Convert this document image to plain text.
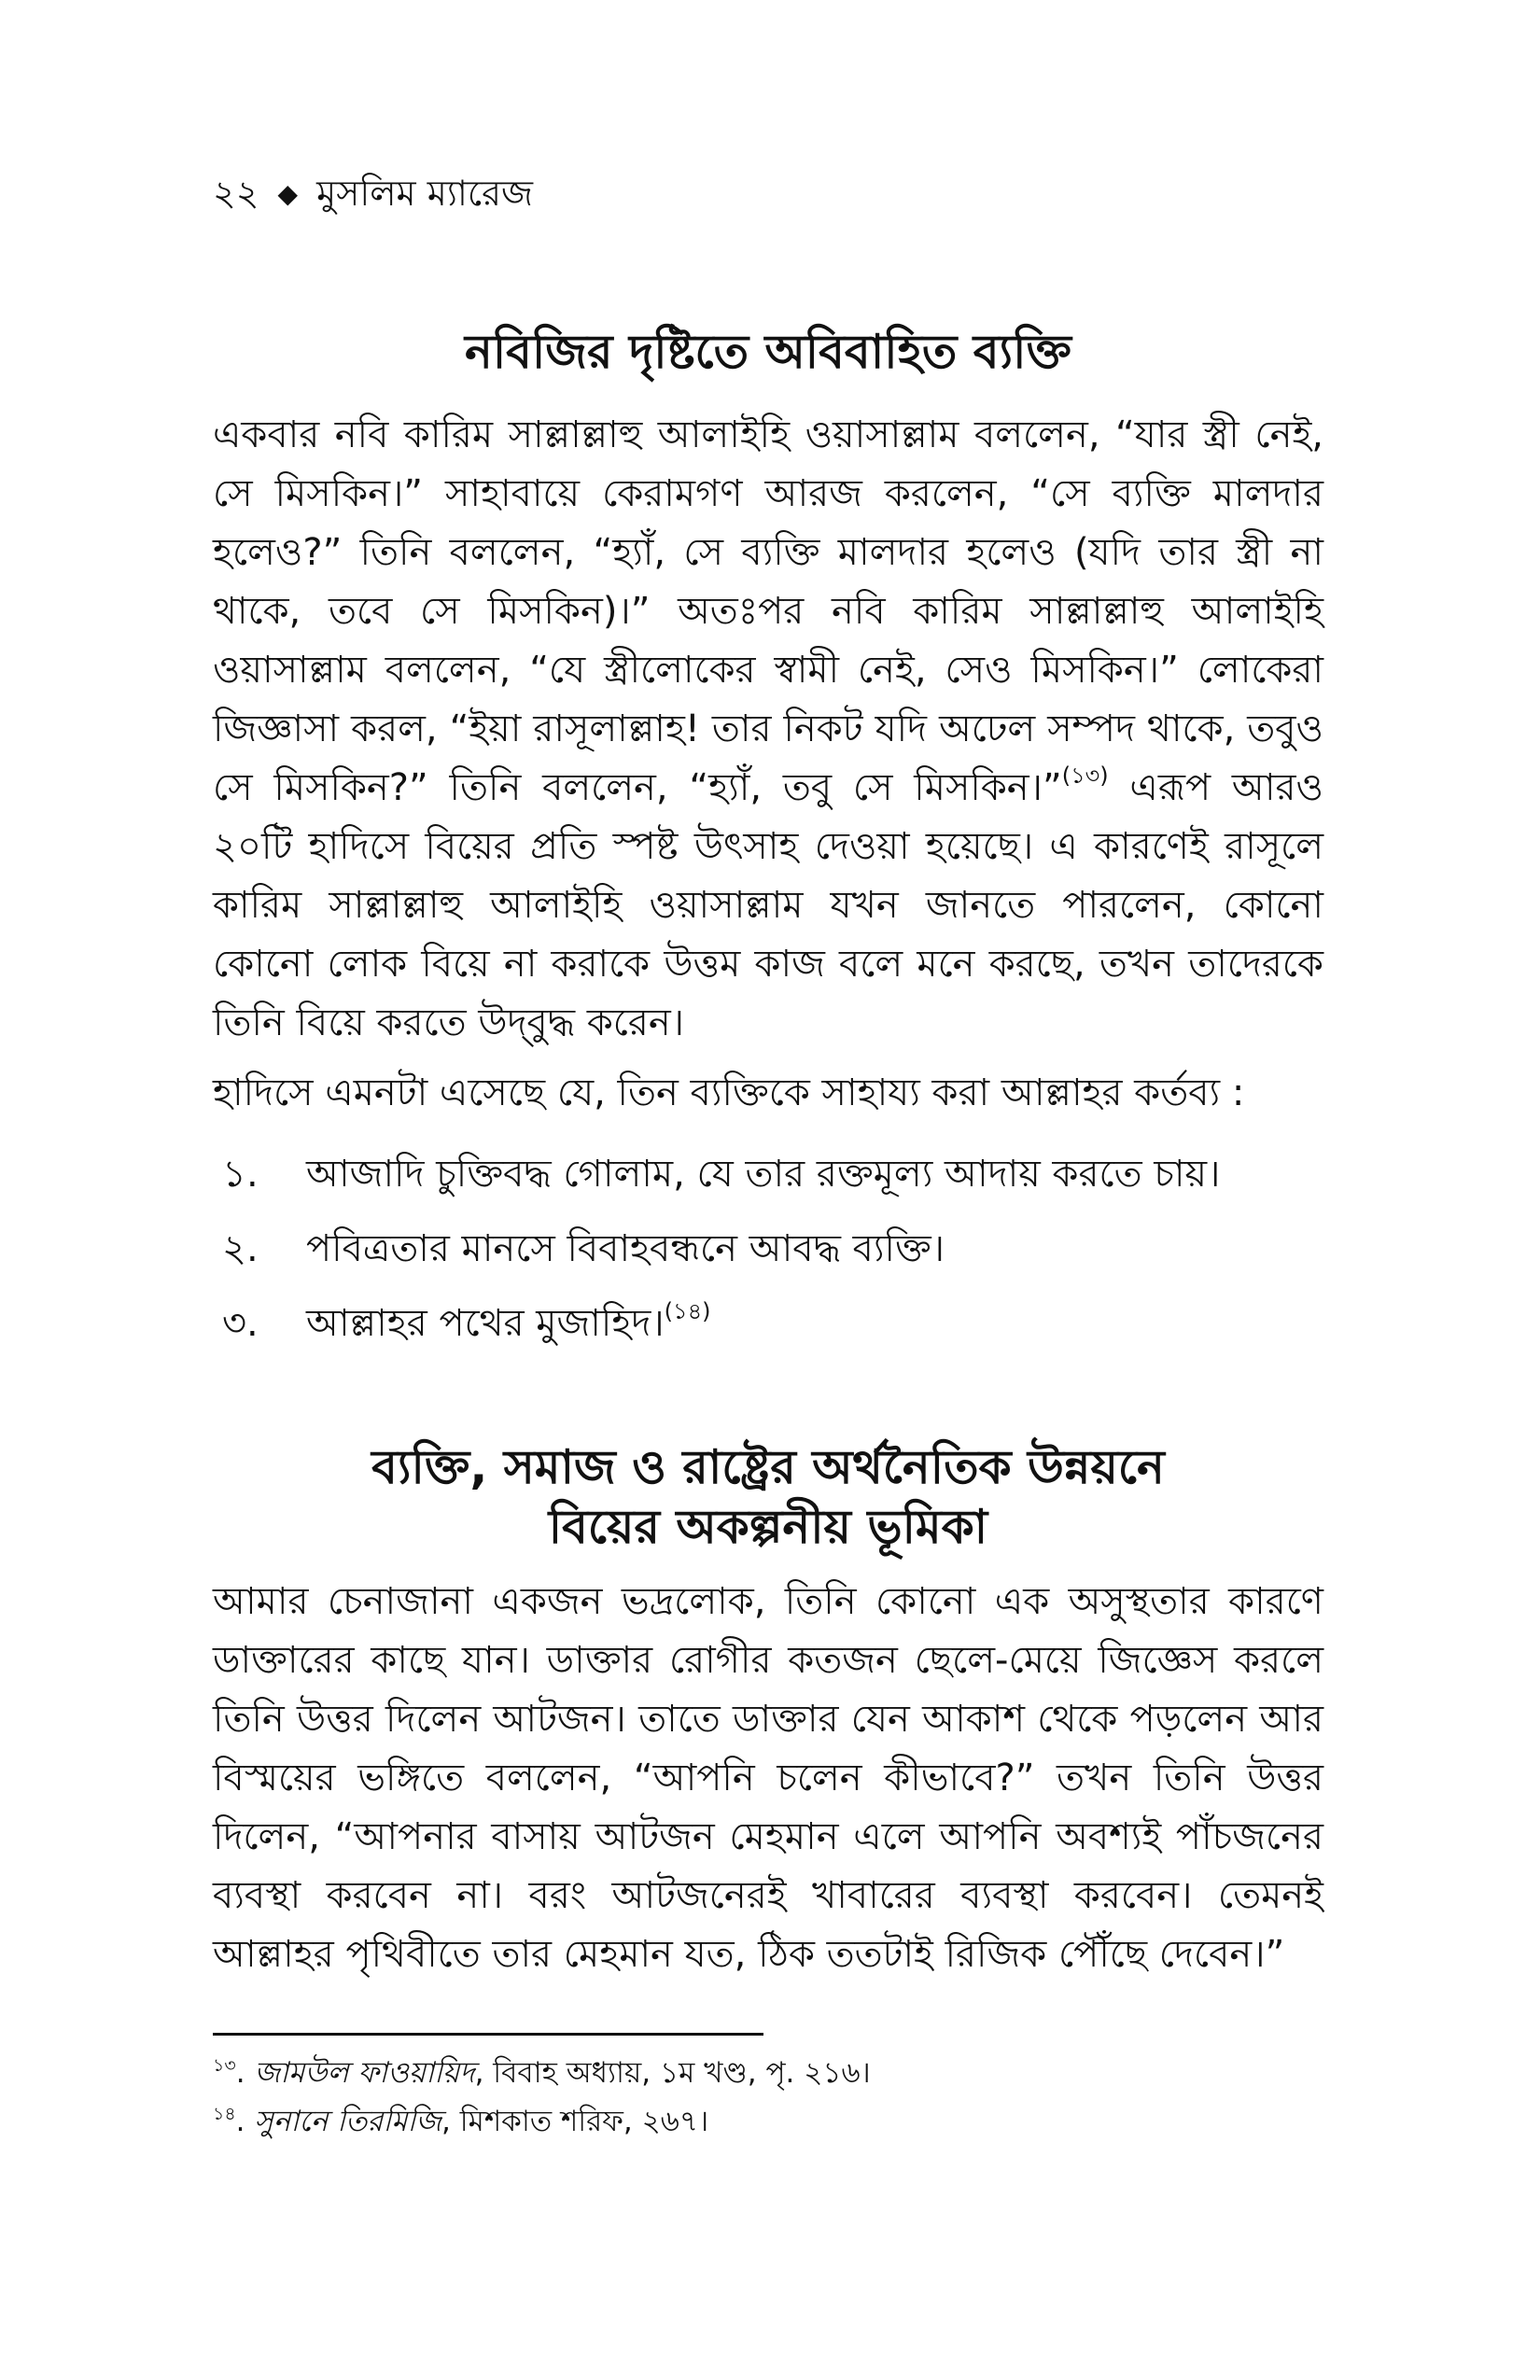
২২ ◆ মুসলিম ম্যারেজ
নবিজির দৃষ্টিতে অবিবাহিত ব্যক্তি

একবার নবি কারিম সাল্লাল্লাহু আলাইহি ওয়াসাল্লাম বললেন, “যার স্ত্রী নেই, সে মিসকিন।” সাহাবায়ে কেরামগণ আরজ করলেন, “সে ব্যক্তি মালদার হলেও?” তিনি বললেন, “হ্যাঁ, সে ব্যক্তি মালদার হলেও (যদি তার স্ত্রী না থাকে, তবে সে মিসকিন)।” অতঃপর নবি কারিম সাল্লাল্লাহু আলাইহি ওয়াসাল্লাম বললেন, “যে স্ত্রীলোকের স্বামী নেই, সেও মিসকিন।” লোকেরা জিজ্ঞাসা করল, “ইয়া রাসূলাল্লাহ! তার নিকট যদি অঢেল সম্পদ থাকে, তবুও সে মিসকিন?” তিনি বললেন, “হ্যাঁ, তবু সে মিসকিন।”$^{(১৩)}$ এরূপ আরও ২০টি হাদিসে বিয়ের প্রতি স্পষ্ট উৎসাহ দেওয়া হয়েছে। এ কারণেই রাসূলে কারিম সাল্লাল্লাহু আলাইহি ওয়াসাল্লাম যখন জানতে পারলেন, কোনো কোনো লোক বিয়ে না করাকে উত্তম কাজ বলে মনে করছে, তখন তাদেরকে তিনি বিয়ে করতে উদ্‌বুদ্ধ করেন।

হাদিসে এমনটা এসেছে যে, তিন ব্যক্তিকে সাহায্য করা আল্লাহর কর্তব্য :

১. আজাদি চুক্তিবদ্ধ গোলাম, যে তার রক্তমূল্য আদায় করতে চায়।
২. পবিত্রতার মানসে বিবাহবন্ধনে আবদ্ধ ব্যক্তি।
৩. আল্লাহর পথের মুজাহিদ।$^{(১৪)}$
ব্যক্তি, সমাজ ও রাষ্ট্রের অর্থনৈতিক উন্নয়নে
বিয়ের অকল্পনীয় ভূমিকা

আমার চেনাজানা একজন ভদ্রলোক, তিনি কোনো এক অসুস্থতার কারণে ডাক্তারের কাছে যান। ডাক্তার রোগীর কতজন ছেলে-মেয়ে জিজ্ঞেস করলে তিনি উত্তর দিলেন আটজন। তাতে ডাক্তার যেন আকাশ থেকে পড়লেন আর বিস্ময়ের ভঙ্গিতে বললেন, “আপনি চলেন কীভাবে?” তখন তিনি উত্তর দিলেন, “আপনার বাসায় আটজন মেহমান এলে আপনি অবশ্যই পাঁচজনের ব্যবস্থা করবেন না। বরং আটজনেরই খাবারের ব্যবস্থা করবেন। তেমনই আল্লাহর পৃথিবীতে তার মেহমান যত, ঠিক ততটাই রিজিক পৌঁছে দেবেন।”

$^{১৩}$. জামউল ফাওয়ায়িদ, বিবাহ অধ্যায়, ১ম খণ্ড, পৃ. ২১৬।
$^{১৪}$. সুনানে তিরমিজি, মিশকাত শরিফ, ২৬৭।
